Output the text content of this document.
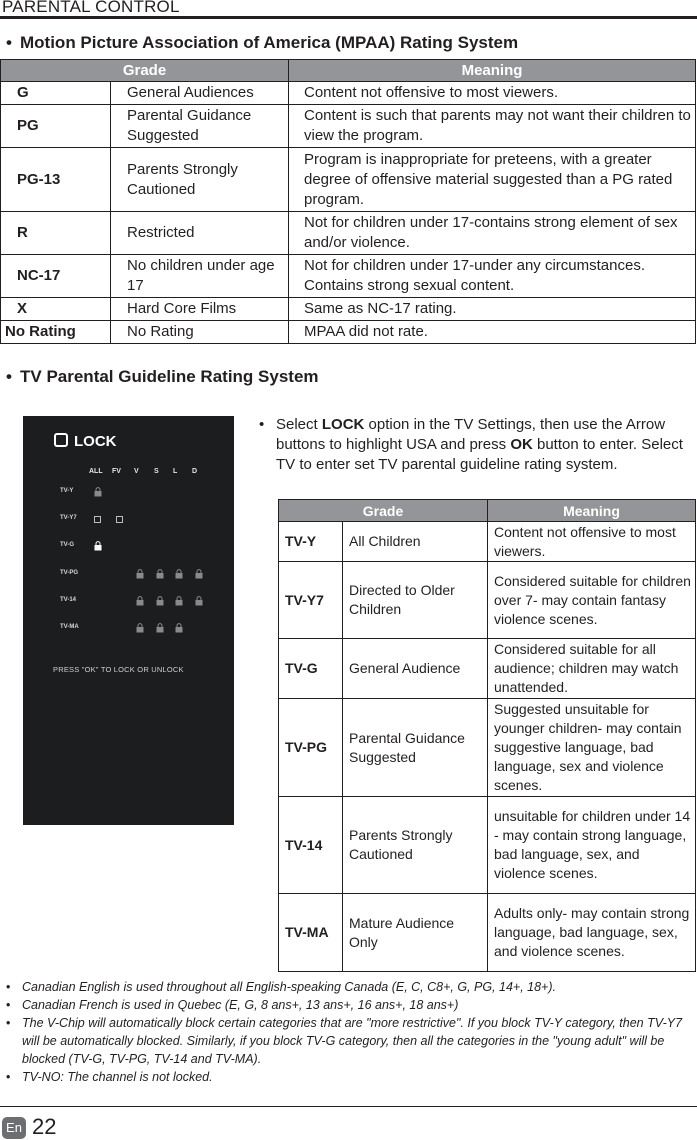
PARENTAL CONTROL
• Motion Picture Association of America (MPAA) Rating System
Grade		Meaning
G	General Audiences	Content not offensive to most viewers.
PG	Parental Guidance Suggested	Content is such that parents may not want their children to view the program.
PG-13	Parents Strongly Cautioned	Program is inappropriate for preteens, with a greater degree of offensive material suggested than a PG rated program.
R	Restricted	Not for children under 17-contains strong element of sex and/or violence.
NC-17	No children under age 17	Not for children under 17-under any circumstances. Contains strong sexual content.
X	Hard Core Films	Same as NC-17 rating.
No Rating	No Rating	MPAA did not rate.
• TV Parental Guideline Rating System
LOCK
ALL FV V S L D
TV-Y
TV-Y7
TV-G
TV-PG
TV-14
TV-MA
PRESS "OK" TO LOCK OR UNLOCK
• Select LOCK option in the TV Settings, then use the Arrow buttons to highlight USA and press OK button to enter. Select TV to enter set TV parental guideline rating system.
Grade		Meaning
TV-Y	All Children	Content not offensive to most viewers.
TV-Y7	Directed to Older Children	Considered suitable for children over 7- may contain fantasy violence scenes.
TV-G	General Audience	Considered suitable for all audience; children may watch unattended.
TV-PG	Parental Guidance Suggested	Suggested unsuitable for younger children- may contain suggestive language, bad language, sex and violence scenes.
TV-14	Parents Strongly Cautioned	unsuitable for children under 14 - may contain strong language, bad language, sex, and violence scenes.
TV-MA	Mature Audience Only	Adults only- may contain strong language, bad language, sex, and violence scenes.
• Canadian English is used throughout all English-speaking Canada (E, C, C8+, G, PG, 14+, 18+).
• Canadian French is used in Quebec (E, G, 8 ans+, 13 ans+, 16 ans+, 18 ans+)
• The V-Chip will automatically block certain categories that are "more restrictive". If you block TV-Y category, then TV-Y7 will be automatically blocked. Similarly, if you block TV-G category, then all the categories in the "young adult" will be blocked (TV-G, TV-PG, TV-14 and TV-MA).
• TV-NO: The channel is not locked.
En 22
